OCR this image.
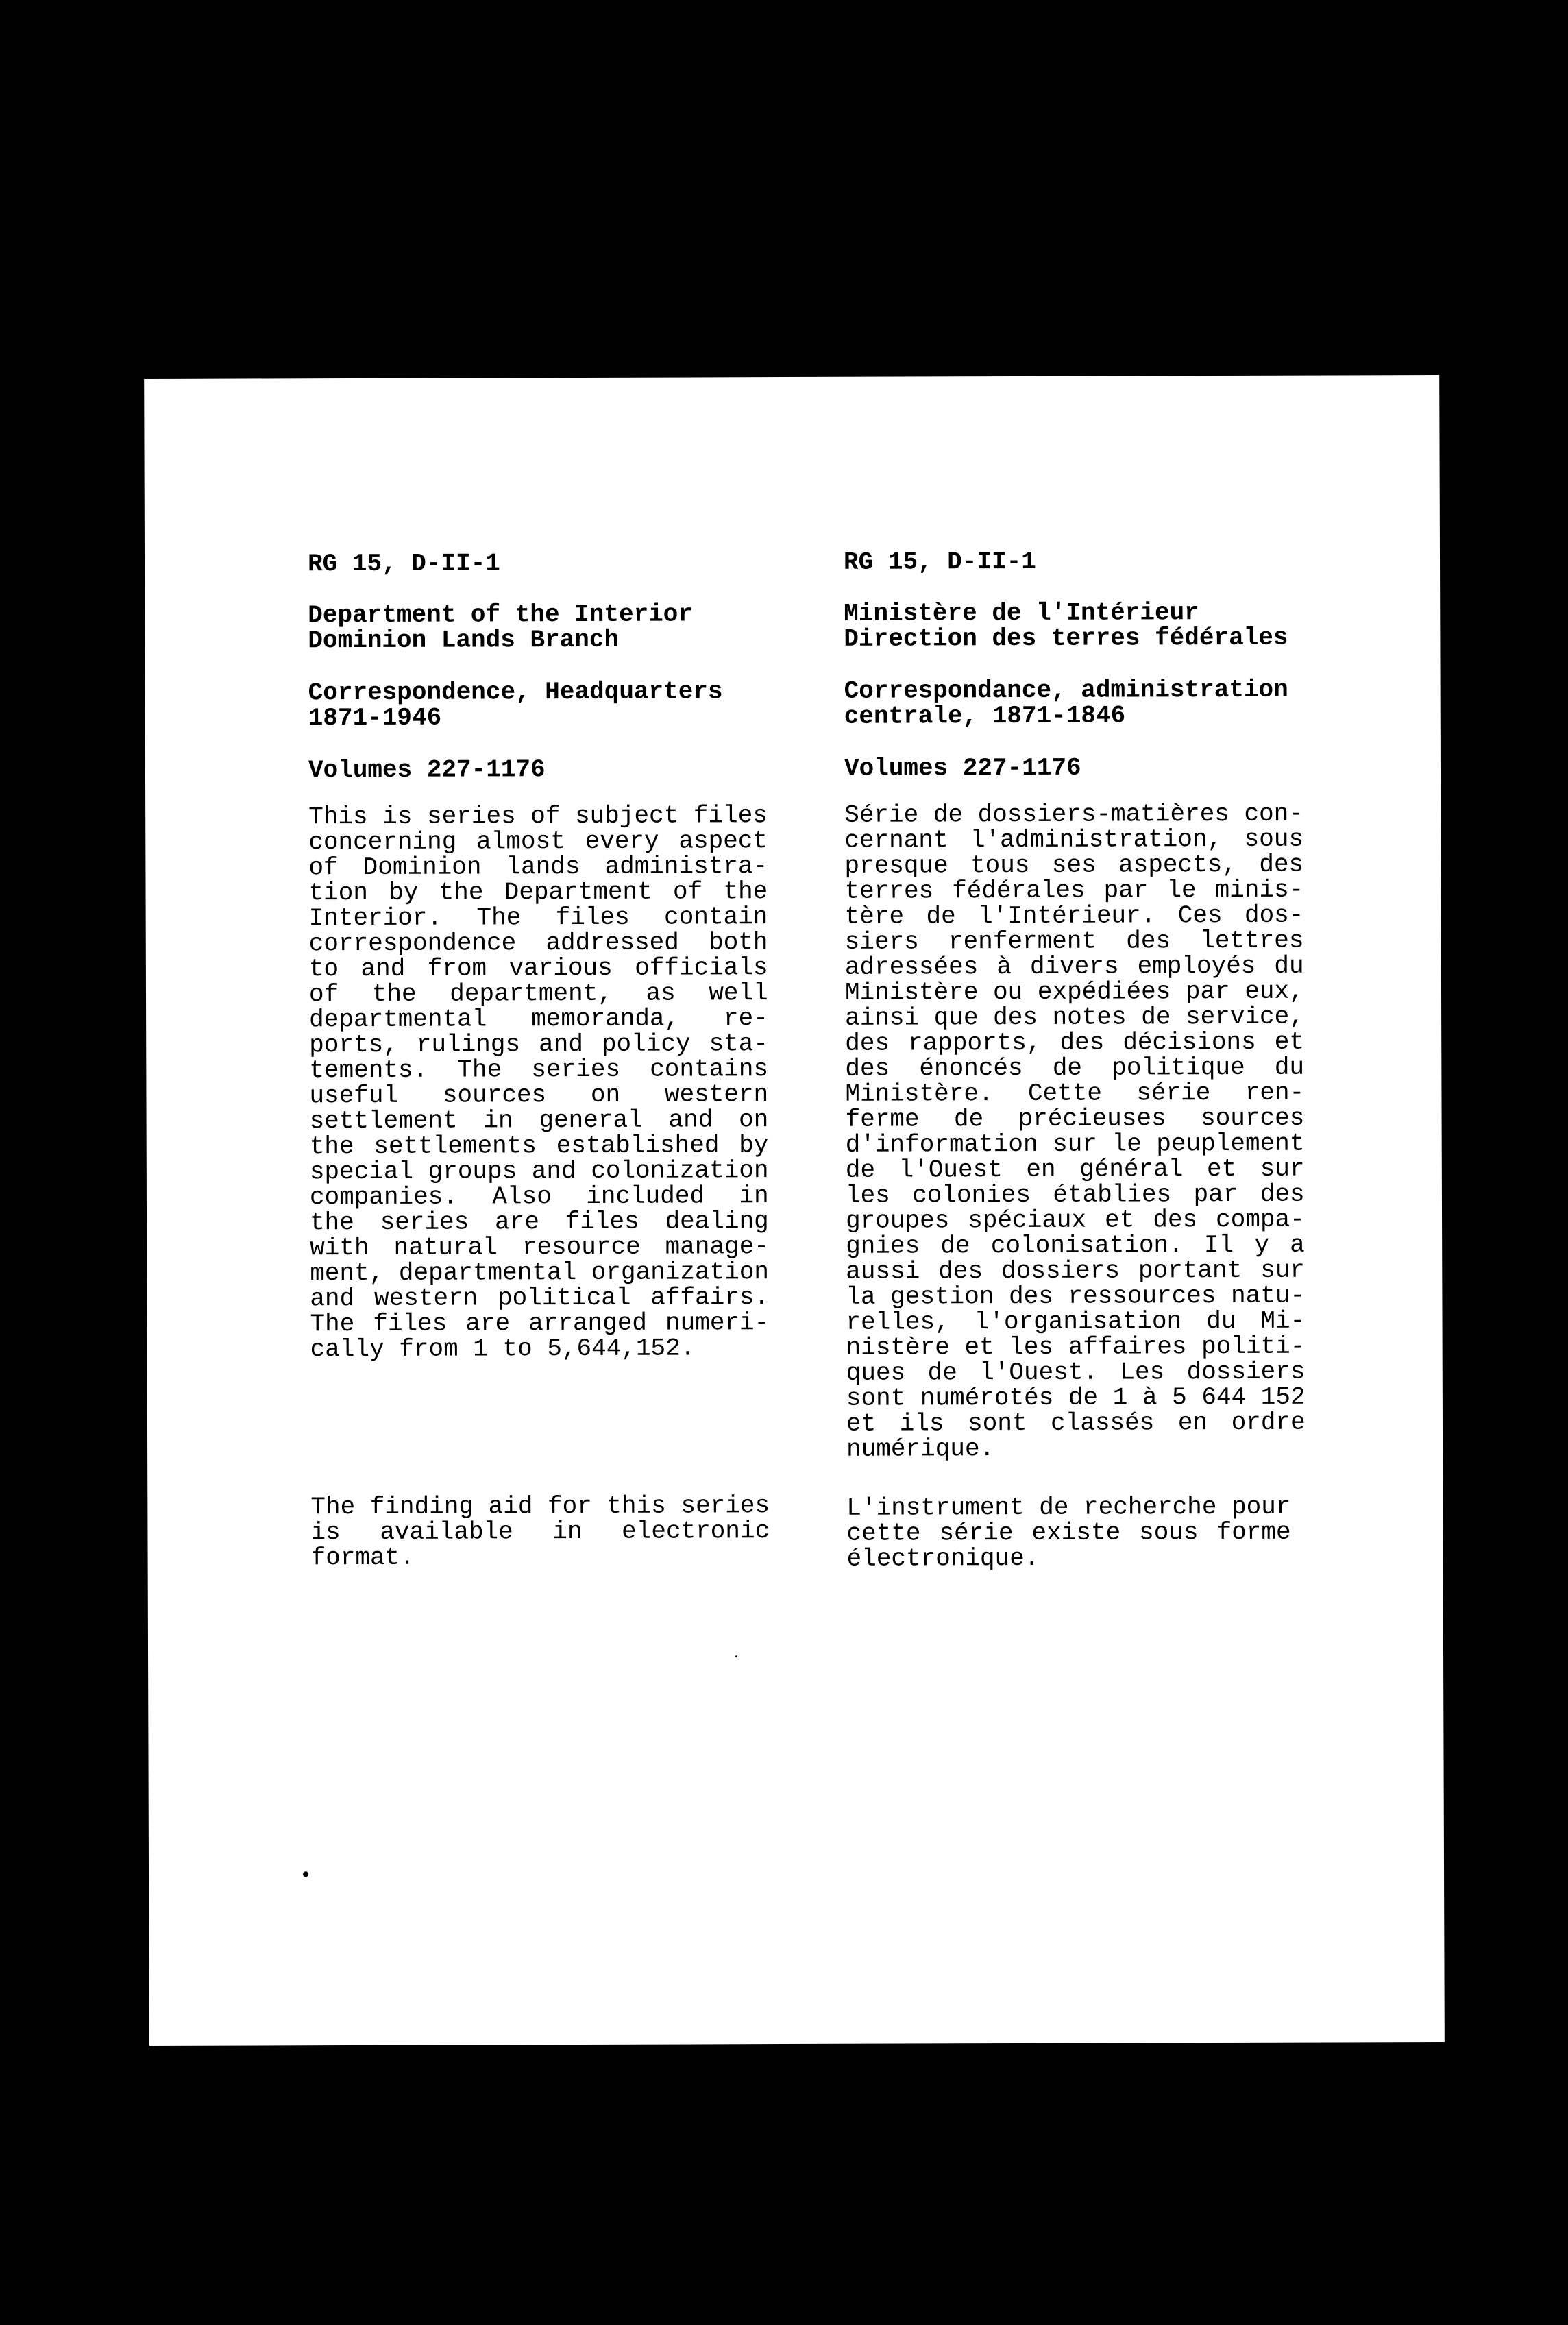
RG 15, D-II-1
Department of the Interior
Dominion Lands Branch
Correspondence, Headquarters
1871-1946
Volumes 227-1176
This is series of subject files
concerning almost every aspect
of Dominion lands administra-
tion by the Department of the
Interior. The files contain
correspondence addressed both
to and from various officials
of the department, as well
departmental memoranda, re-
ports, rulings and policy sta-
tements. The series contains
useful sources on western
settlement in general and on
the settlements established by
special groups and colonization
companies. Also included in
the series are files dealing
with natural resource manage-
ment, departmental organization
and western political affairs.
The files are arranged numeri-
cally from 1 to 5,644,152.
The finding aid for this series
is available in electronic
format.
RG 15, D-II-1
Ministère de l'Intérieur
Direction des terres fédérales
Correspondance, administration
centrale, 1871-1846
Volumes 227-1176
Série de dossiers-matières con-
cernant l'administration, sous
presque tous ses aspects, des
terres fédérales par le minis-
tère de l'Intérieur. Ces dos-
siers renferment des lettres
adressées à divers employés du
Ministère ou expédiées par eux,
ainsi que des notes de service,
des rapports, des décisions et
des énoncés de politique du
Ministère. Cette série ren-
ferme de précieuses sources
d'information sur le peuplement
de l'Ouest en général et sur
les colonies établies par des
groupes spéciaux et des compa-
gnies de colonisation. Il y a
aussi des dossiers portant sur
la gestion des ressources natu-
relles, l'organisation du Mi-
nistère et les affaires politi-
ques de l'Ouest. Les dossiers
sont numérotés de 1 à 5 644 152
et ils sont classés en ordre
numérique.
L'instrument de recherche pour
cette série existe sous forme
électronique.
